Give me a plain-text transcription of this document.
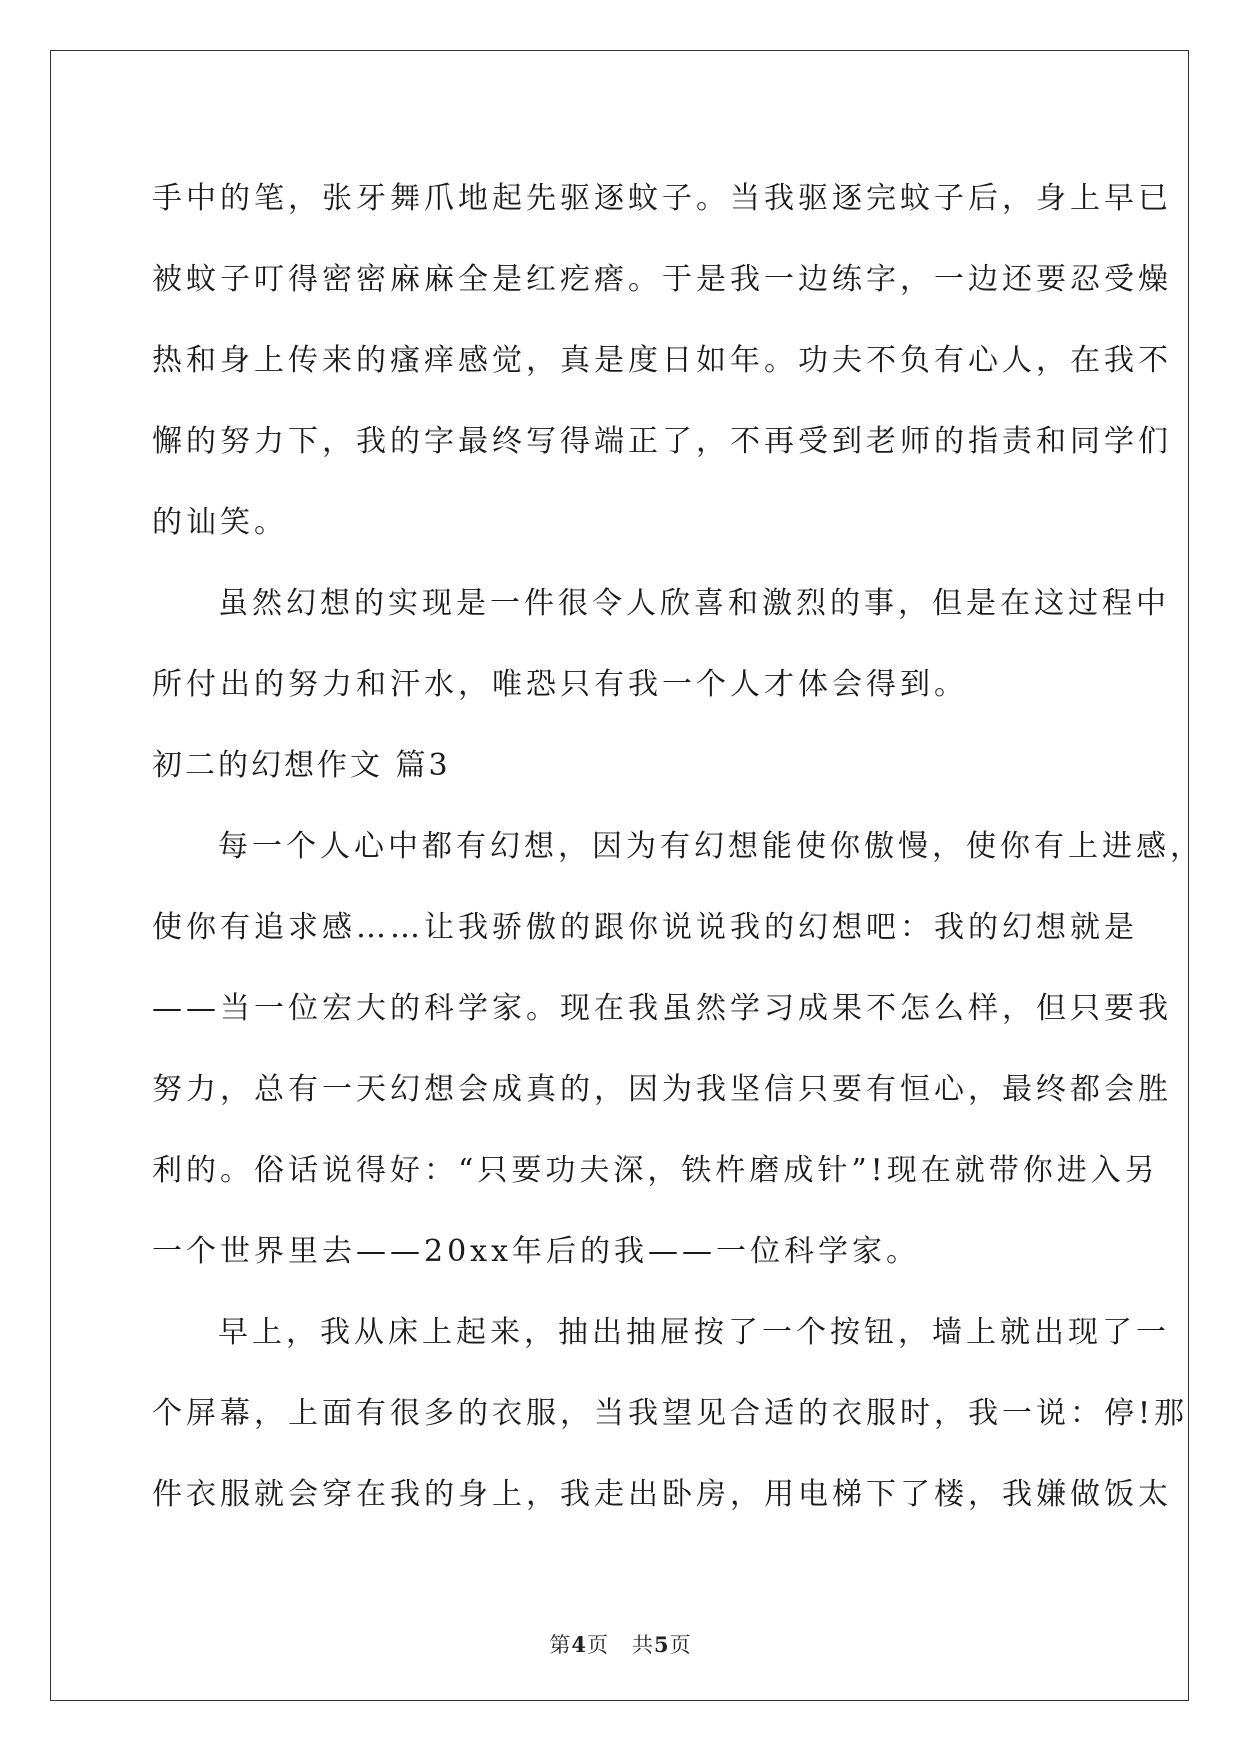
手中的笔，张牙舞爪地起先驱逐蚊子。当我驱逐完蚊子后，身上早已

被蚊子叮得密密麻麻全是红疙瘩。于是我一边练字，一边还要忍受燥

热和身上传来的瘙痒感觉，真是度日如年。功夫不负有心人，在我不

懈的努力下，我的字最终写得端正了，不再受到老师的指责和同学们

的讪笑。

虽然幻想的实现是一件很令人欣喜和激烈的事，但是在这过程中

所付出的努力和汗水，唯恐只有我一个人才体会得到。

初二的幻想作文 篇3

每一个人心中都有幻想，因为有幻想能使你傲慢，使你有上进感，

使你有追求感……让我骄傲的跟你说说我的幻想吧：我的幻想就是

——当一位宏大的科学家。现在我虽然学习成果不怎么样，但只要我

努力，总有一天幻想会成真的，因为我坚信只要有恒心，最终都会胜

利的。俗话说得好：“只要功夫深，铁杵磨成针”!现在就带你进入另

一个世界里去——20xx年后的我——一位科学家。

早上，我从床上起来，抽出抽屉按了一个按钮，墙上就出现了一

个屏幕，上面有很多的衣服，当我望见合适的衣服时，我一说：停!那

件衣服就会穿在我的身上，我走出卧房，用电梯下了楼，我嫌做饭太

第4页 共5页
